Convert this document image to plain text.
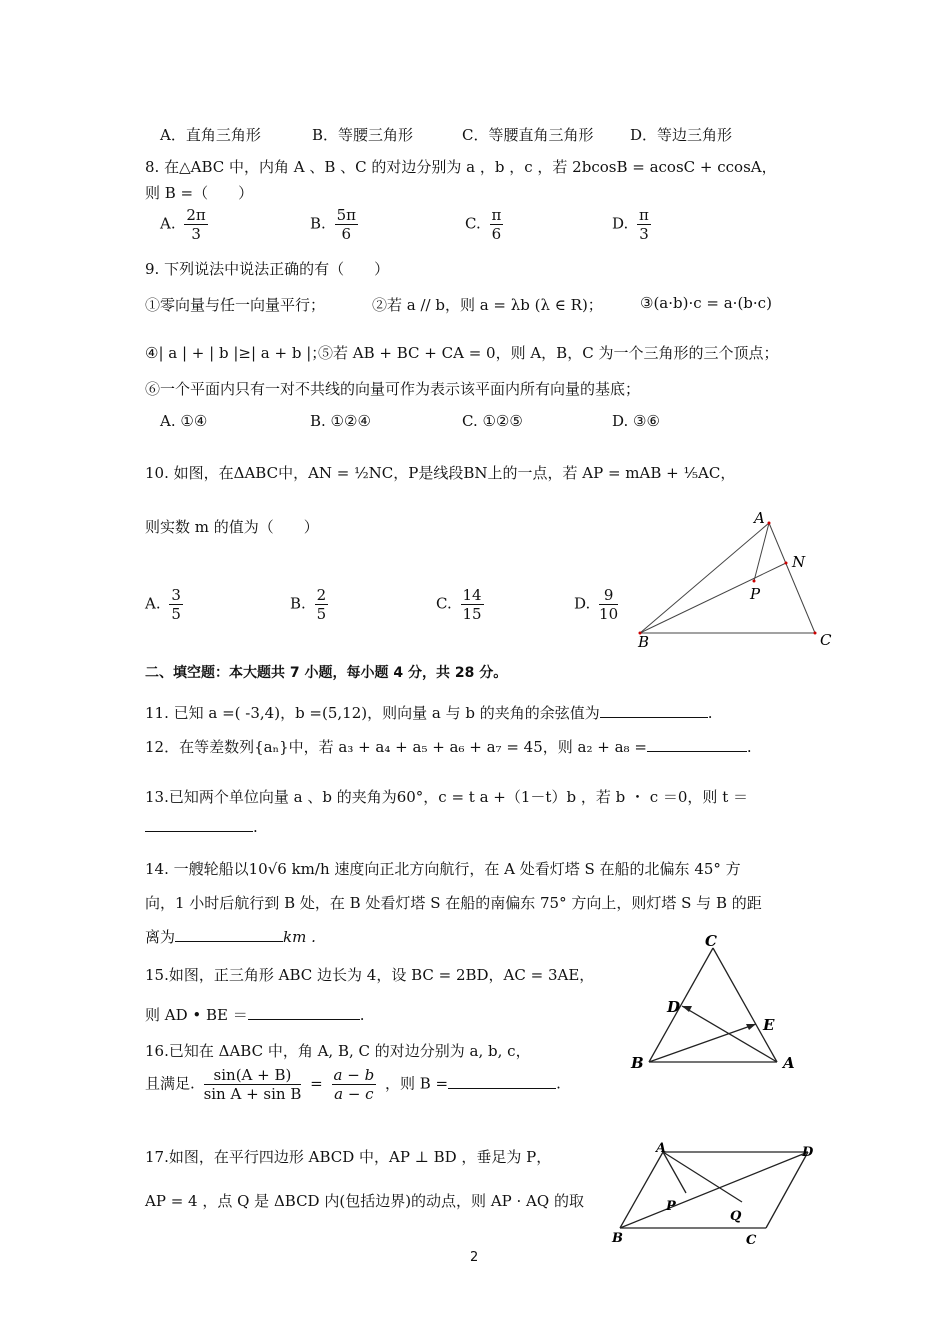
A．直角三角形	B．等腰三角形	C．等腰直角三角形 D．等边三角形
8. 在△ABC 中，内角 A 、B 、C 的对边分别为 a ，b ，c ，若 2bcosB = acosC + ccosA，
则 B =（　　）
A. $\frac{2\pi}{3}$	B. $\frac{5\pi}{6}$	C. $\frac{\pi}{6}$	D. $\frac{\pi}{3}$
9. 下列说法中说法正确的有（　　）
①零向量与任一向量平行；	②若 a // b，则 a = λb (λ ∈ R)； ③(a·b)·c = a·(b·c)
④| a | + | b |≥| a + b |；
⑤若 AB + BC + CA = 0，则 A，B，C 为一个三角形的三个顶点；
⑥一个平面内只有一对不共线的向量可作为表示该平面内所有向量的基底；
A. ①④	B. ①②④	C. ①②⑤	D. ③⑥
10. 如图，在ΔABC中，AN = ½NC，P是线段BN上的一点，若 AP = mAB + ⅕AC，
则实数 m 的值为（　　）
A. $\frac{3}{5}$	B. $\frac{2}{5}$	C. $\frac{14}{15}$	D. $\frac{9}{10}$
A
N
P
B	C
二、填空题：本大题共 7 小题，每小题 4 分，共 28 分。
11. 已知 a =( -3,4)，b =(5,12)，则向量 a 与 b 的夹角的余弦值为	.
12．在等差数列{aₙ}中，若 a₃ + a₄ + a₅ + a₆ + a₇ = 45，则 a₂ + a₈ =	.
13.已知两个单位向量 a 、b 的夹角为60°，c = t a +（1－t）b ，若 b ・ c ＝0，则 t ＝
.
14. 一艘轮船以10√6 km/h 速度向正北方向航行，在 A 处看灯塔 S 在船的北偏东 45° 方
向，1 小时后航行到 B 处，在 B 处看灯塔 S 在船的南偏东 75° 方向上，则灯塔 S 与 B 的距
离为	km .
15.如图，正三角形 ABC 边长为 4，设 BC = 2BD，AC = 3AE，
则 AD • BE ＝	.
C
D
E
B	A
16.已知在 ΔABC 中，角 A, B, C 的对边分别为 a, b, c，
且满足. $\frac{\sin(A + B)}{\text{sin A + sin B}} = \frac{a - b}{a - c}$ ，则 B =	.
17.如图，在平行四边形 ABCD 中，AP ⊥ BD ，垂足为 P，
AP = 4 ，点 Q 是 ΔBCD 内(包括边界)的动点，则 AP · AQ 的取
A	D
P
Q
B	C
2
